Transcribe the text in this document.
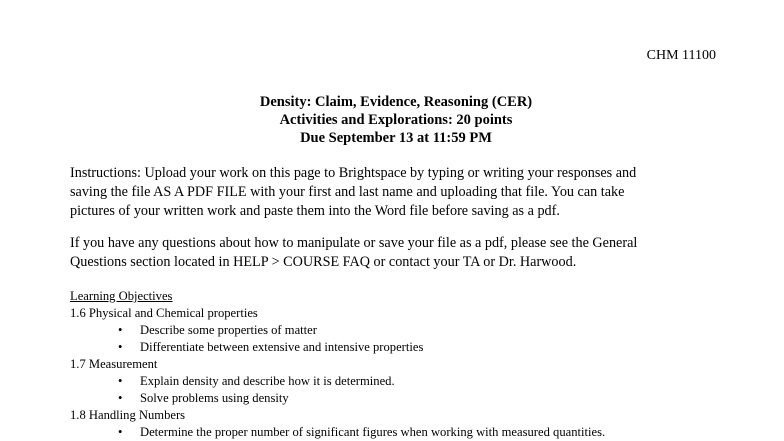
CHM 11100
Density: Claim, Evidence, Reasoning (CER)
Activities and Explorations: 20 points
Due September 13 at 11:59 PM
Instructions: Upload your work on this page to Brightspace by typing or writing your responses and
saving the file AS A PDF FILE with your first and last name and uploading that file. You can take
pictures of your written work and paste them into the Word file before saving as a pdf.
If you have any questions about how to manipulate or save your file as a pdf, please see the General
Questions section located in HELP > COURSE FAQ or contact your TA or Dr. Harwood.
Learning Objectives
1.6 Physical and Chemical properties
• Describe some properties of matter
• Differentiate between extensive and intensive properties
1.7 Measurement
• Explain density and describe how it is determined.
• Solve problems using density
1.8 Handling Numbers
• Determine the proper number of significant figures when working with measured quantities.
